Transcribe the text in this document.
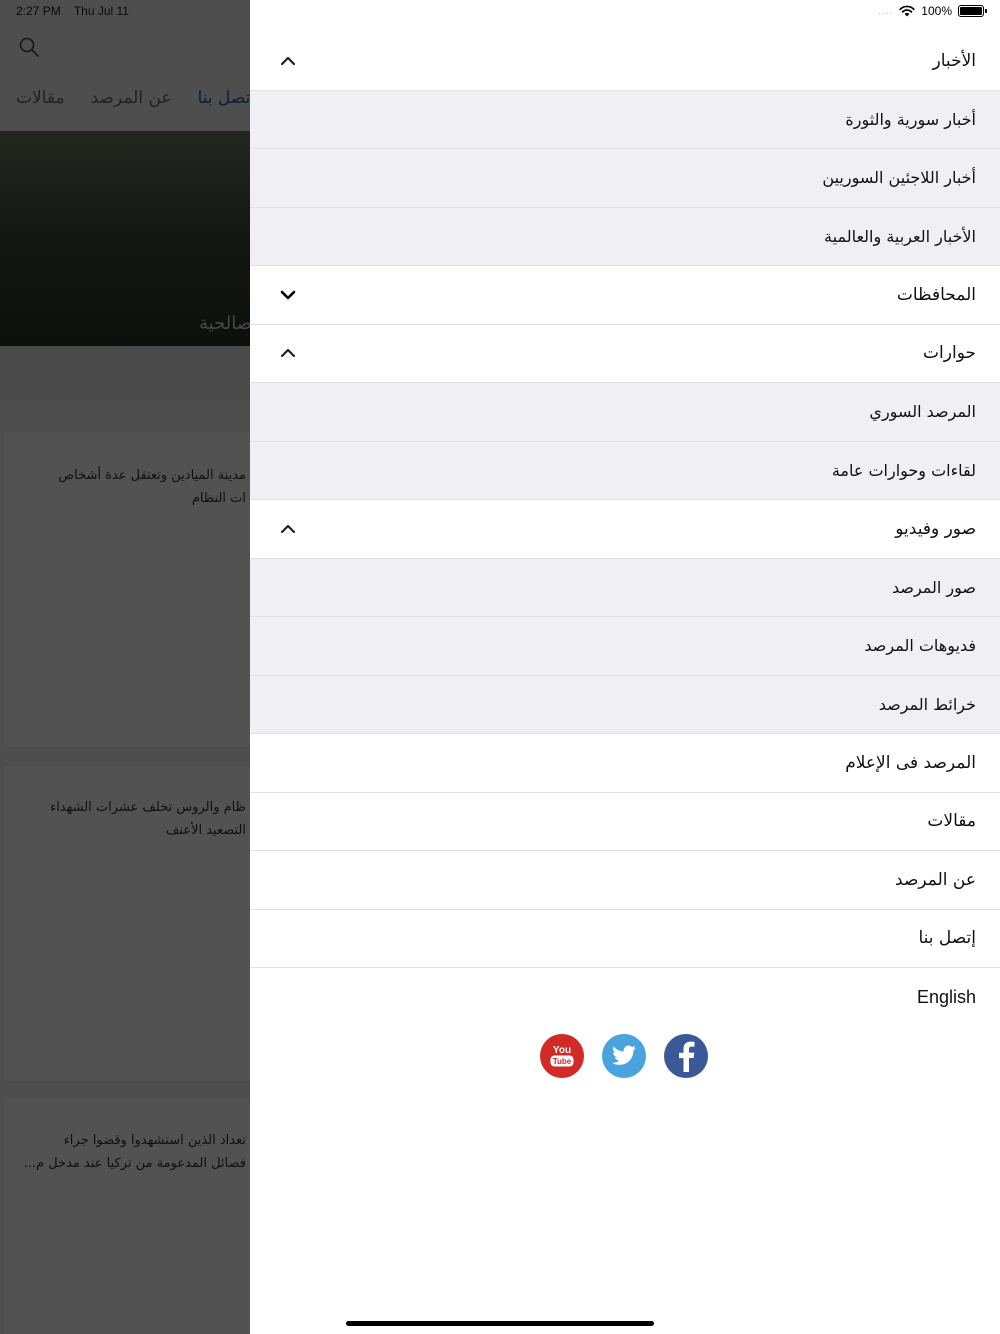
.... 100%
الأخبار
أخبار سورية والثورة
أخبار اللاجئين السوريين
الأخبار العربية والعالمية
المحافظات
حوارات
المرصد السوري
لقاءات وحوارات عامة
صور وفيديو
صور المرصد
فديوهات المرصد
خرائط المرصد
المرصد فى الإعلام
مقالات
عن المرصد
إتصل بنا
English
You
Tube
